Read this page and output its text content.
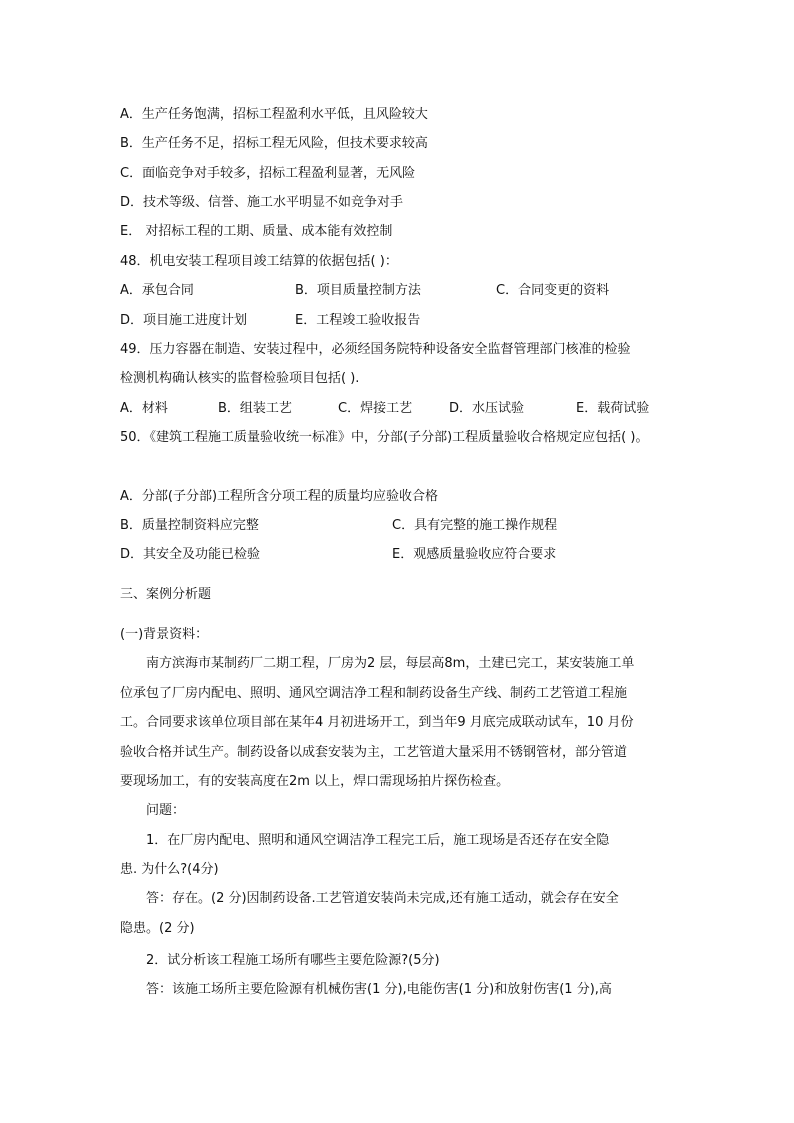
A．生产任务饱满，招标工程盈利水平低，且风险较大
B．生产任务不足，招标工程无风险，但技术要求较高
C．面临竞争对手较多，招标工程盈利显著，无风险
D．技术等级、信誉、施工水平明显不如竞争对手
E． 对招标工程的工期、质量、成本能有效控制
48．机电安装工程项目竣工结算的依据包括( )：
A．承包合同	B．项目质量控制方法	C．合同变更的资料
D．项目施工进度计划	E．工程竣工验收报告
49．压力容器在制造、安装过程中，必须经国务院特种设备安全监督管理部门核准的检验
检测机构确认核实的监督检验项目包括( ).
A．材料	B．组装工艺	C．焊接工艺	D．水压试验	E．载荷试验
50．《建筑工程施工质量验收统一标准》中，分部(子分部)工程质量验收合格规定应包括( )。
A．分部(子分部)工程所含分项工程的质量均应验收合格
B．质量控制资料应完整	C．具有完整的施工操作规程
D．其安全及功能已检验	E．观感质量验收应符合要求
三、案例分析题
(一)背景资料：
南方滨海市某制药厂二期工程，厂房为2 层，每层高8m，土建已完工，某安装施工单
位承包了厂房内配电、照明、通风空调洁净工程和制药设备生产线、制药工艺管道工程施
工。合同要求该单位项目部在某年4 月初进场开工，到当年9 月底完成联动试车，10 月份
验收合格并试生产。制药设备以成套安装为主，工艺管道大量采用不锈钢管材，部分管道
要现场加工，有的安装高度在2m 以上，焊口需现场拍片探伤检查。
问题：
1．在厂房内配电、照明和通风空调洁净工程完工后，施工现场是否还存在安全隐
患. 为什么?(4分)
答：存在。(2 分)因制药设备.工艺管道安装尚未完成,还有施工适动，就会存在安全
隐患。(2 分)
2．试分析该工程施工场所有哪些主要危险源?(5分)
答：该施工场所主要危险源有机械伤害(1 分),电能伤害(1 分)和放射伤害(1 分),高
